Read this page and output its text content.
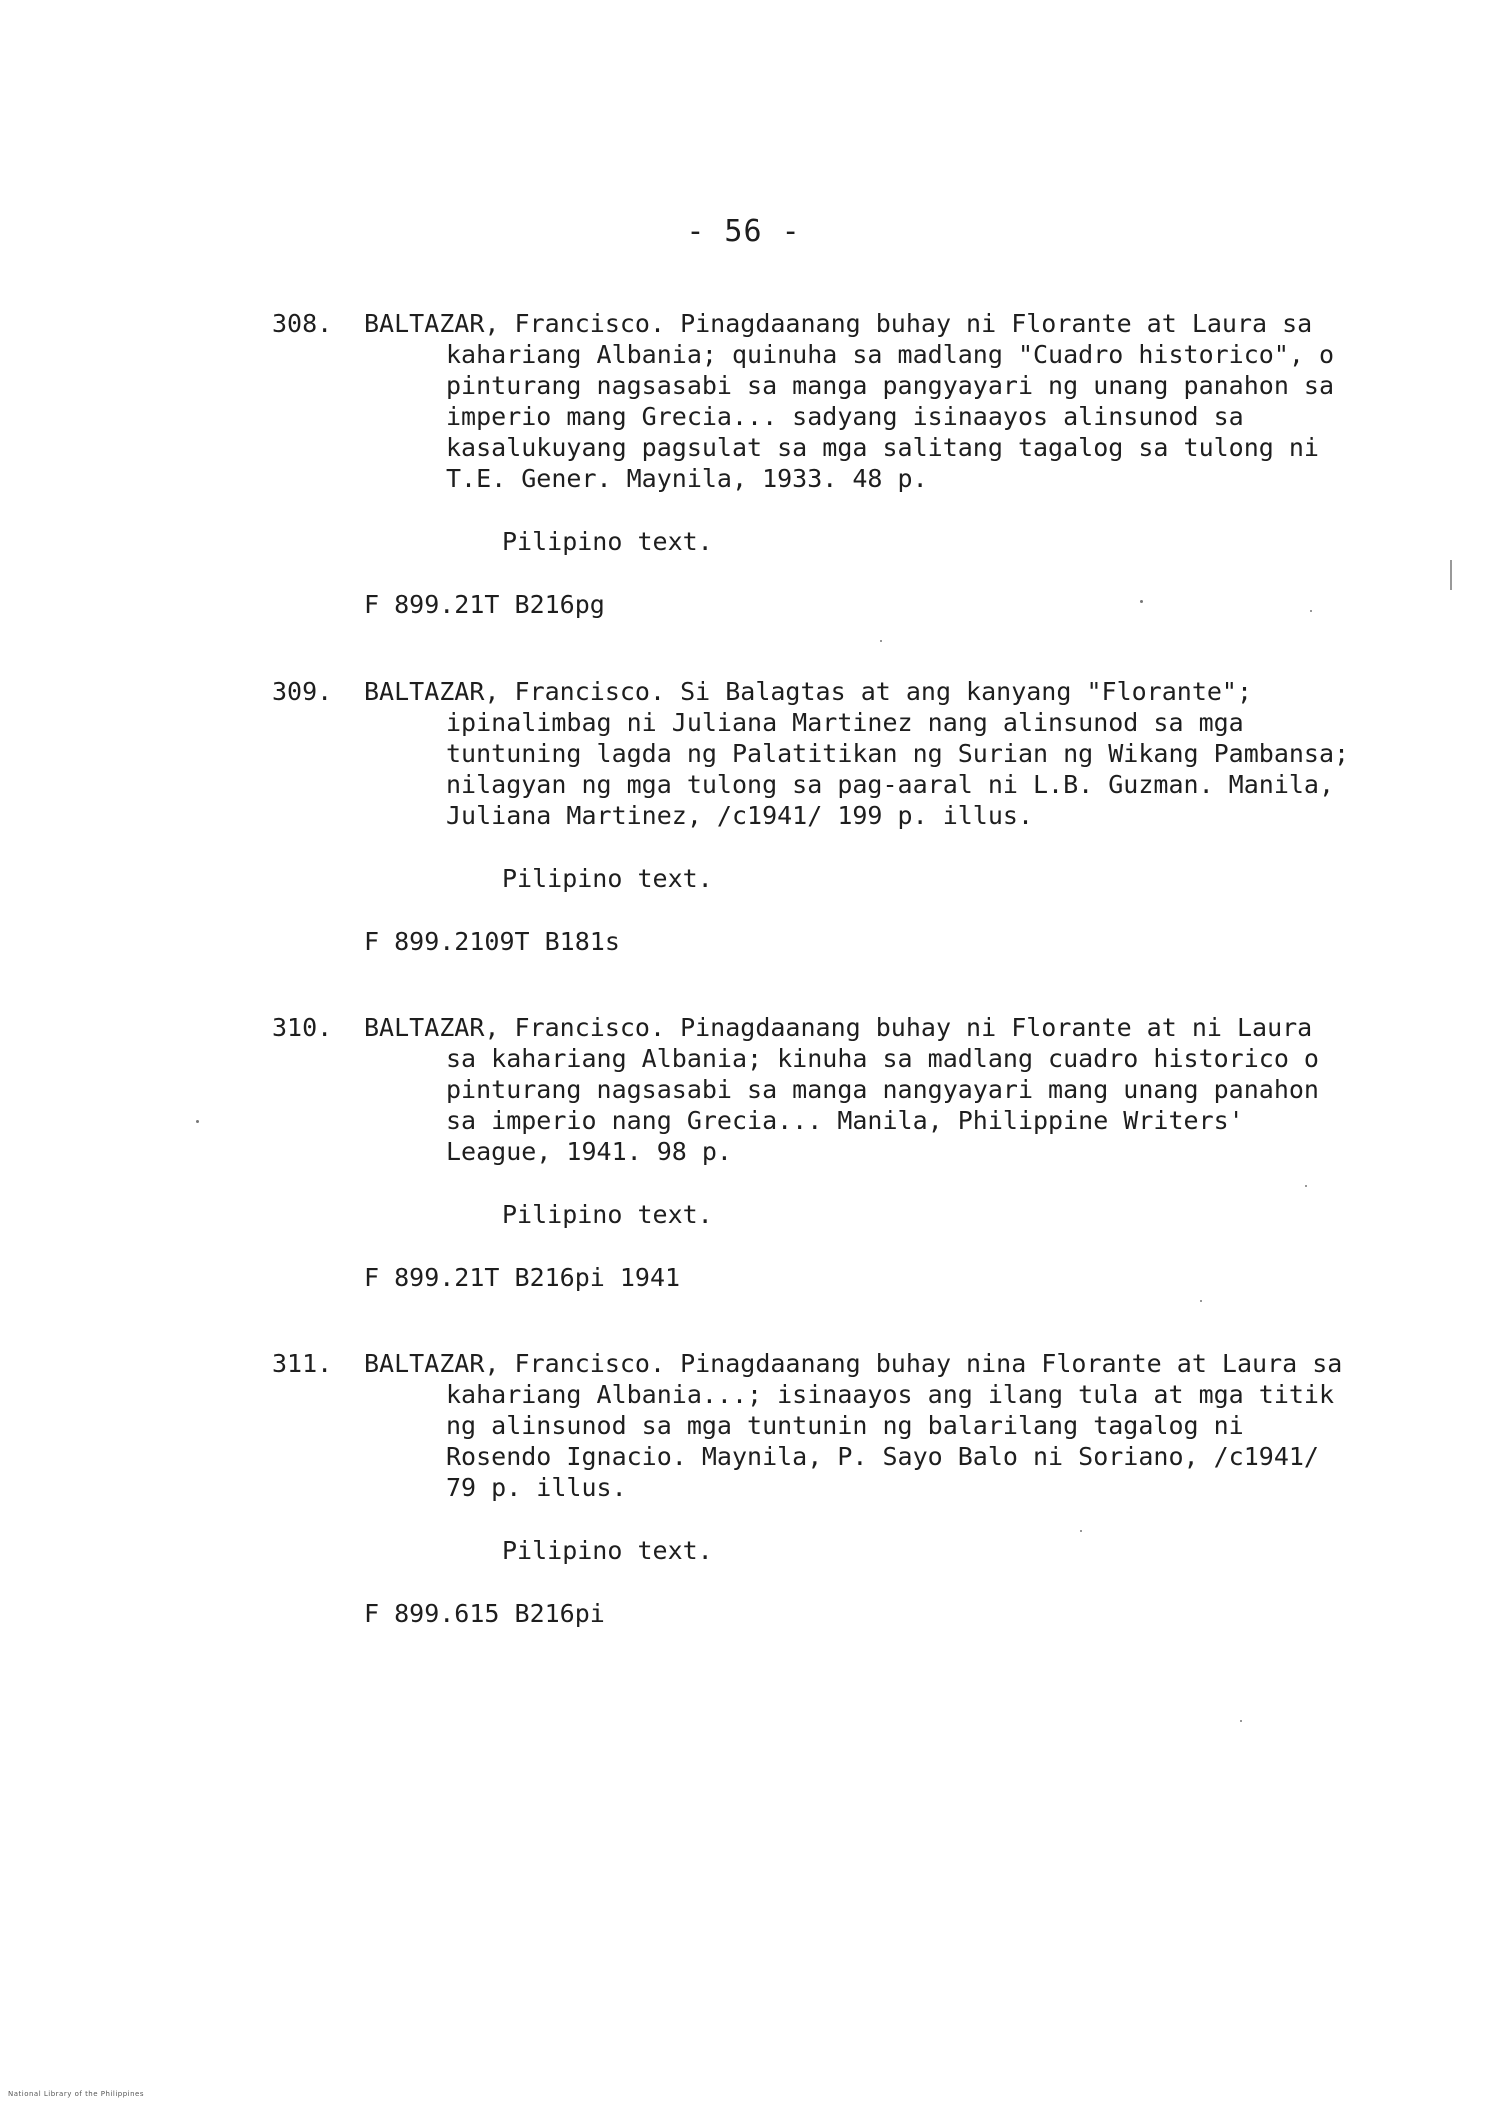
- 56 -
308.	BALTAZAR, Francisco. Pinagdaanang buhay ni Florante at Laura sa kahariang Albania; quinuha sa madlang "Cuadro historico", o pinturang nagsasabi sa manga pangyayari ng unang panahon sa imperio mang Grecia... sadyang isinaayos alinsunod sa kasalukuyang pagsulat sa mga salitang tagalog sa tulong ni T.E. Gener. Maynila, 1933. 48 p.
Pilipino text.
F 899.21T B216pg
309.	BALTAZAR, Francisco. Si Balagtas at ang kanyang "Florante"; ipinalimbag ni Juliana Martinez nang alinsunod sa mga tuntuning lagda ng Palatitikan ng Surian ng Wikang Pambansa; nilagyan ng mga tulong sa pag-aaral ni L.B. Guzman. Manila, Juliana Martinez, /c1941/ 199 p. illus.
Pilipino text.
F 899.2109T B181s
310.	BALTAZAR, Francisco. Pinagdaanang buhay ni Florante at ni Laura sa kahariang Albania; kinuha sa madlang cuadro historico o pinturang nagsasabi sa manga nangyayari mang unang panahon sa imperio nang Grecia... Manila, Philippine Writers' League, 1941. 98 p.
Pilipino text.
F 899.21T B216pi 1941
311.	BALTAZAR, Francisco. Pinagdaanang buhay nina Florante at Laura sa kahariang Albania...; isinaayos ang ilang tula at mga titik ng alinsunod sa mga tuntunin ng balarilang tagalog ni Rosendo Ignacio. Maynila, P. Sayo Balo ni Soriano, /c1941/ 79 p. illus.
Pilipino text.
F 899.615 B216pi
National Library of the Philippines
